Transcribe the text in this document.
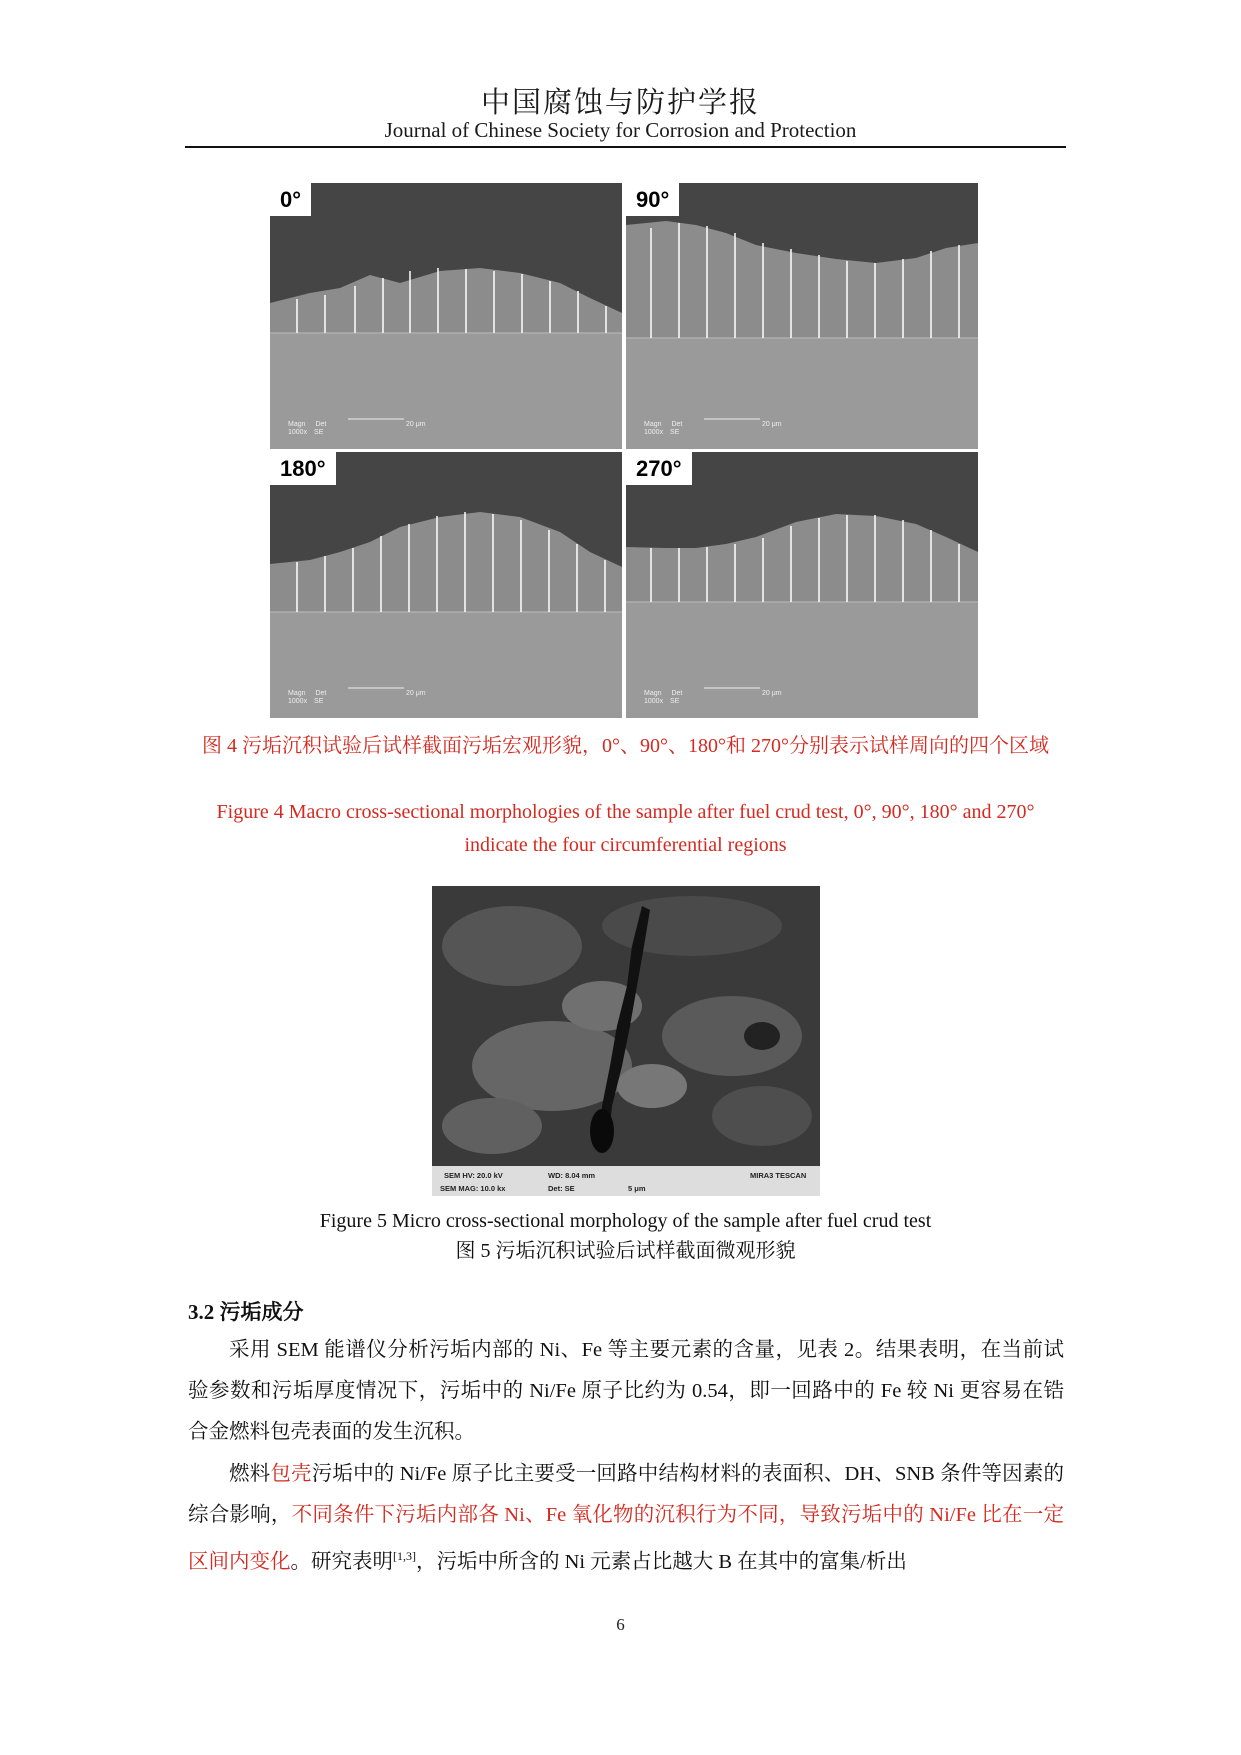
中国腐蚀与防护学报
Journal of Chinese Society for Corrosion and Protection
0°
Magn Det
1000x SE
20 μm
90°
Magn Det
1000x SE
20 μm
180°
Magn Det
1000x SE
20 μm
270°
Magn Det
1000x SE
20 μm
图 4 污垢沉积试验后试样截面污垢宏观形貌，0°、90°、180°和 270°分别表示试样周向的四个区域
Figure 4 Macro cross-sectional morphologies of the sample after fuel crud test, 0°, 90°, 180° and 270° indicate the four circumferential regions
SEM HV: 20.0 kV	WD: 8.04 mm	MIRA3 TESCAN
SEM MAG: 10.0 kx	Det: SE	5 μm
Figure 5 Micro cross-sectional morphology of the sample after fuel crud test
图 5 污垢沉积试验后试样截面微观形貌
3.2 污垢成分
采用 SEM 能谱仪分析污垢内部的 Ni、Fe 等主要元素的含量，见表 2。结果表明，在当前试验参数和污垢厚度情况下，污垢中的 Ni/Fe 原子比约为 0.54，即一回路中的 Fe 较 Ni 更容易在锆合金燃料包壳表面的发生沉积。
燃料包壳污垢中的 Ni/Fe 原子比主要受一回路中结构材料的表面积、DH、SNB 条件等因素的综合影响，不同条件下污垢内部各 Ni、Fe 氧化物的沉积行为不同，导致污垢中的 Ni/Fe 比在一定区间内变化。研究表明[1,3]，污垢中所含的 Ni 元素占比越大 B 在其中的富集/析出
6
